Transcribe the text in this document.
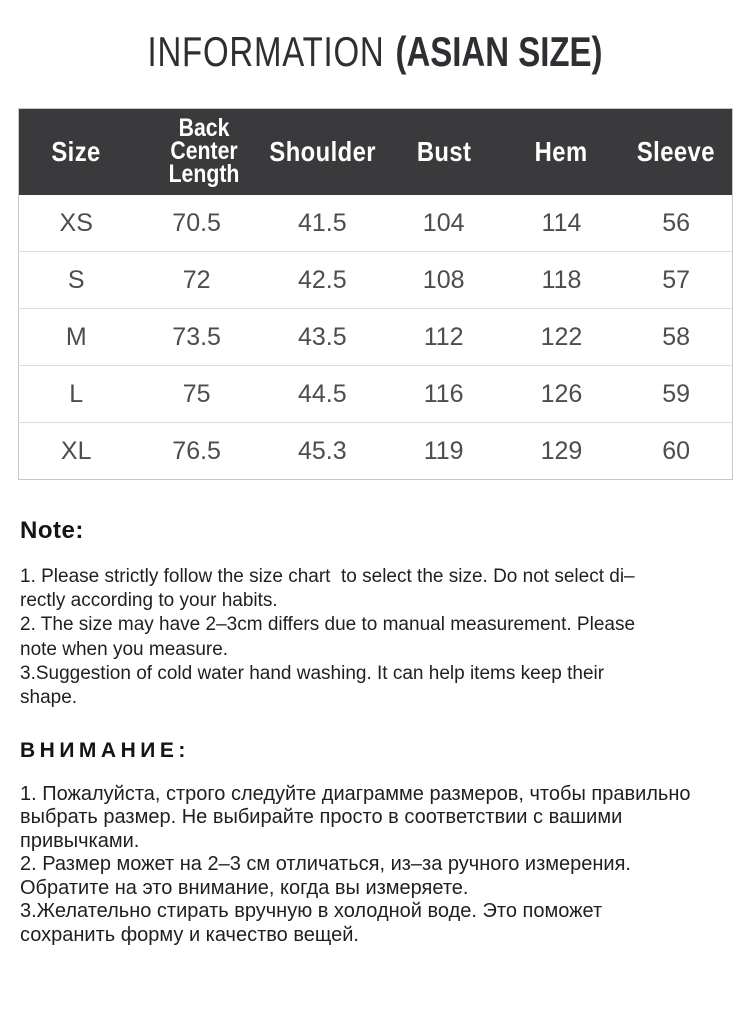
INFORMATION (ASIAN SIZE)
Size	Back Center Length	Shoulder	Bust	Hem	Sleeve
XS	70.5	41.5	104	114	56
S	72	42.5	108	118	57
M	73.5	43.5	112	122	58
L	75	44.5	116	126	59
XL	76.5	45.3	119	129	60
Note:
1. Please strictly follow the size chart  to select the size. Do not select di–
rectly according to your habits.
2. The size may have 2–3cm differs due to manual measurement. Please
note when you measure.
3.Suggestion of cold water hand washing. It can help items keep their
shape.
ВНИМАНИЕ:
1. Пожалуйста, строго следуйте диаграмме размеров, чтобы правильно
выбрать размер. Не выбирайте просто в соответствии с вашими
привычками.
2. Размер может на 2–3 см отличаться, из–за ручного измерения.
Обратите на это внимание, когда вы измеряете.
3.Желательно стирать вручную в холодной воде. Это поможет
сохранить форму и качество вещей.
